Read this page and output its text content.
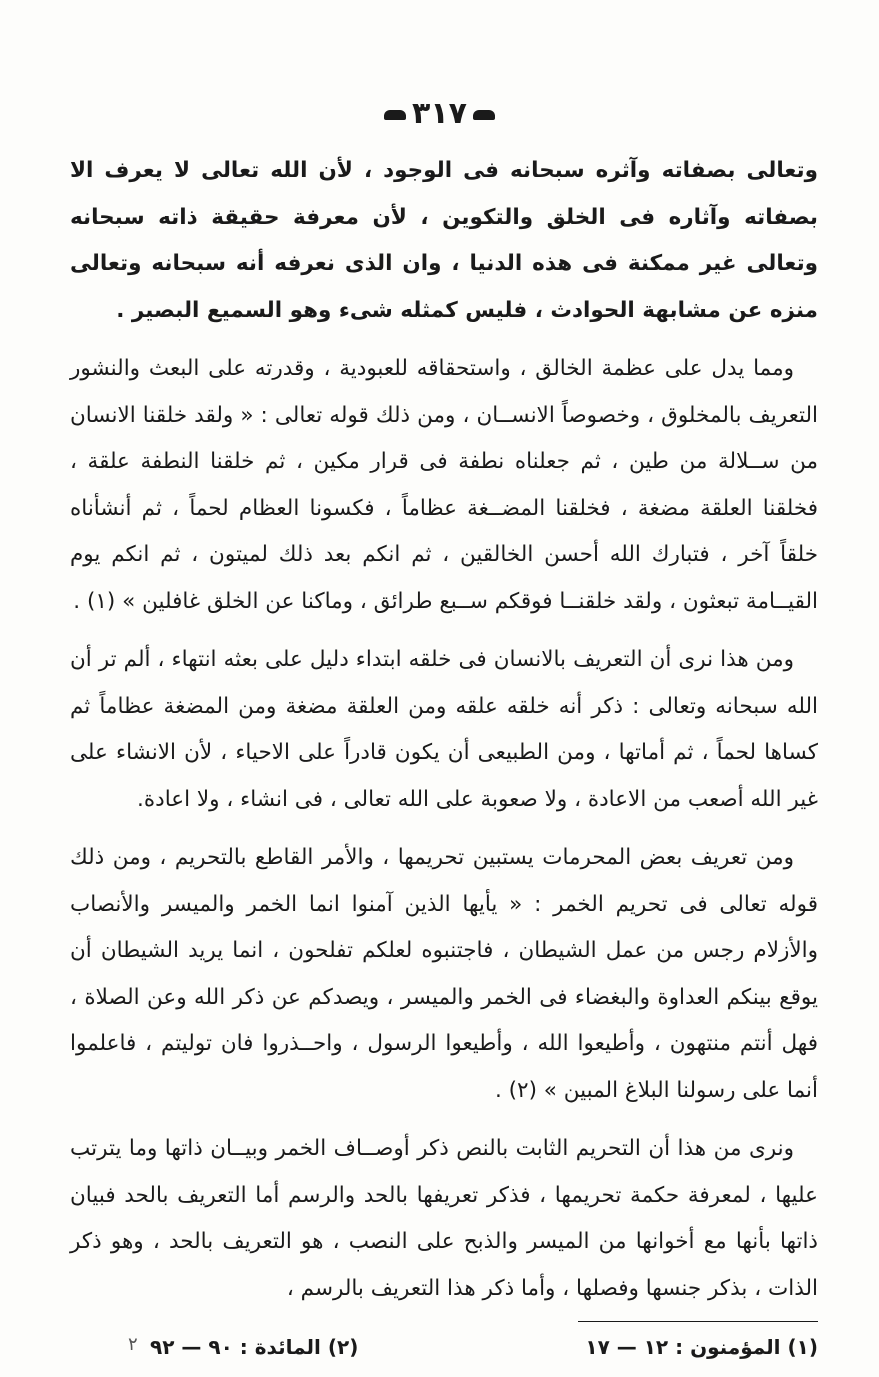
٣١٧

وتعالى بصفاته وآثره سبحانه فى الوجود ، لأن الله تعالى لا يعرف الا بصفاته وآثاره فى الخلق والتكوين ، لأن معرفة حقيقة ذاته سبحانه وتعالى غير ممكنة فى هذه الدنيا ، وان الذى نعرفه أنه سبحانه وتعالى منزه عن مشابهة الحوادث ، فليس كمثله شىء وهو السميع البصير .

ومما يدل على عظمة الخالق ، واستحقاقه للعبودية ، وقدرته على البعث والنشور التعريف بالمخلوق ، وخصوصاً الانســان ، ومن ذلك قوله تعالى : « ولقد خلقنا الانسان من ســلالة من طين ، ثم جعلناه نطفة فى قرار مكين ، ثم خلقنا النطفة علقة ، فخلقنا العلقة مضغة ، فخلقنا المضــغة عظاماً ، فكسونا العظام لحماً ، ثم أنشأناه خلقاً آخر ، فتبارك الله أحسن الخالقين ، ثم انكم بعد ذلك لميتون ، ثم انكم يوم القيــامة تبعثون ، ولقد خلقنــا فوقكم ســبع طرائق ، وماكنا عن الخلق غافلين » (١) .

ومن هذا نرى أن التعريف بالانسان فى خلقه ابتداء دليل على بعثه انتهاء ، ألم تر أن الله سبحانه وتعالى : ذكر أنه خلقه علقه ومن العلقة مضغة ومن المضغة عظاماً ثم كساها لحماً ، ثم أماتها ، ومن الطبيعى أن يكون قادراً على الاحياء ، لأن الانشاء على غير الله أصعب من الاعادة ، ولا صعوبة على الله تعالى ، فى انشاء ، ولا اعادة.

ومن تعريف بعض المحرمات يستبين تحريمها ، والأمر القاطع بالتحريم ، ومن ذلك قوله تعالى فى تحريم الخمر : « يأيها الذين آمنوا انما الخمر والميسر والأنصاب والأزلام رجس من عمل الشيطان ، فاجتنبوه لعلكم تفلحون ، انما يريد الشيطان أن يوقع بينكم العداوة والبغضاء فى الخمر والميسر ، ويصدكم عن ذكر الله وعن الصلاة ، فهل أنتم منتهون ، وأطيعوا الله ، وأطيعوا الرسول ، واحــذروا فان توليتم ، فاعلموا أنما على رسولنا البلاغ المبين » (٢) .

ونرى من هذا أن التحريم الثابت بالنص ذكر أوصــاف الخمر وبيــان ذاتها وما يترتب عليها ، لمعرفة حكمة تحريمها ، فذكر تعريفها بالحد والرسم أما التعريف بالحد فبيان ذاتها بأنها مع أخوانها من الميسر والذبح على النصب ، هو التعريف بالحد ، وهو ذكر الذات ، بذكر جنسها وفصلها ، وأما ذكر هذا التعريف بالرسم ،

(١) المؤمنون : ١٢ — ١٧
(٢) المائدة : ٩٠ — ٩٢
٢
